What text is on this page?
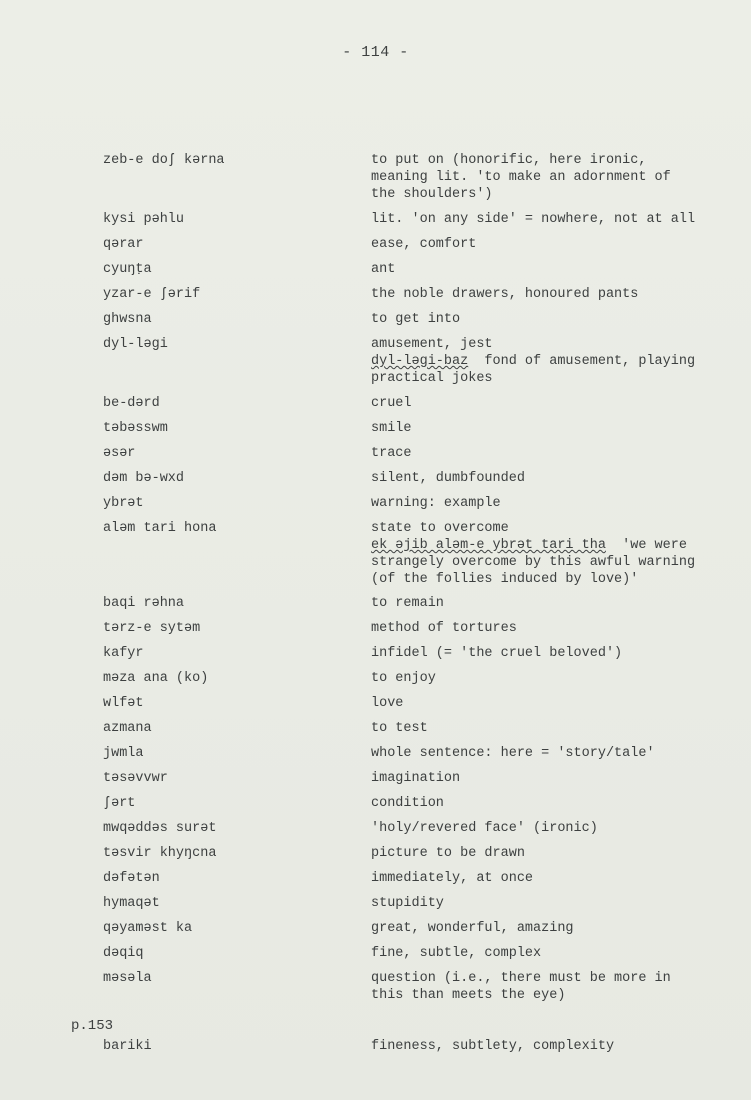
- 114 -
zeb-e doʃ kərna	to put on (honorific, here ironic,
meaning lit. 'to make an adornment of
the shoulders')
kysi pəhlu	lit. 'on any side' = nowhere, not at all
qərar	ease, comfort
cyuŋṭa	ant
yzar-e ʃərif	the noble drawers, honoured pants
ghwsna	to get into
dyl-ləgi	amusement, jest
dyl-ləgi-baz fond of amusement, playing
practical jokes
be-dərd	cruel
təbəsswm	smile
əsər	trace
dəm bə-wxd	silent, dumbfounded
ybrət	warning: example
aləm tari hona	state to overcome
ek əjib aləm-e ybrət tari tha 'we were
strangely overcome by this awful warning
(of the follies induced by love)'
baqi rəhna	to remain
tərz-e sytəm	method of tortures
kafyr	infidel (= 'the cruel beloved')
məza ana (ko)	to enjoy
wlfət	love
azmana	to test
jwmla	whole sentence: here = 'story/tale'
təsəvvwr	imagination
ʃərt	condition
mwqəddəs surət	'holy/revered face' (ironic)
təsvir khyŋcna	picture to be drawn
dəfətən	immediately, at once
hymaqət	stupidity
qəyaməst ka	great, wonderful, amazing
dəqiq	fine, subtle, complex
məsəla	question (i.e., there must be more in
this than meets the eye)
bariki	fineness, subtlety, complexity
p.153
